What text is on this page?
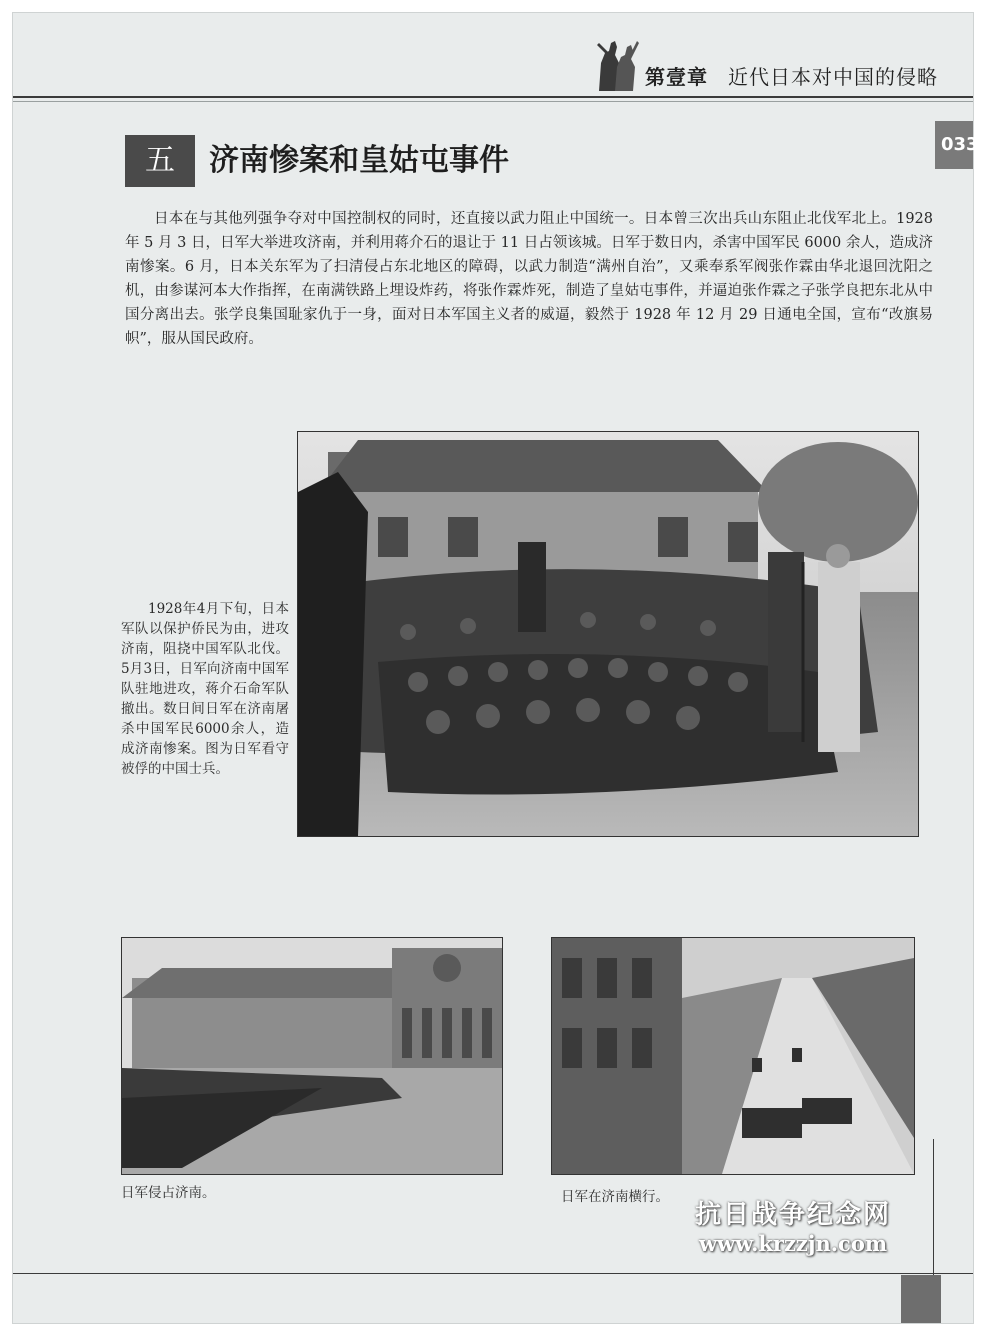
第壹章 近代日本对中国的侵略
033
五	济南惨案和皇姑屯事件
日本在与其他列强争夺对中国控制权的同时，还直接以武力阻止中国统一。日本曾三次出兵山东阻止北伐军北上。1928 年 5 月 3 日，日军大举进攻济南，并利用蒋介石的退让于 11 日占领该城。日军于数日内，杀害中国军民 6000 余人，造成济南惨案。6 月，日本关东军为了扫清侵占东北地区的障碍，以武力制造“满州自治”，又乘奉系军阀张作霖由华北退回沈阳之机，由参谋河本大作指挥，在南满铁路上埋设炸药，将张作霖炸死，制造了皇姑屯事件，并逼迫张作霖之子张学良把东北从中国分离出去。张学良集国耻家仇于一身，面对日本军国主义者的威逼，毅然于 1928 年 12 月 29 日通电全国，宣布“改旗易帜”，服从国民政府。
1928年4月下旬，日本军队以保护侨民为由，进攻济南，阻挠中国军队北伐。5月3日，日军向济南中国军队驻地进攻，蒋介石命军队撤出。数日间日军在济南屠杀中国军民6000余人，造成济南惨案。图为日军看守被俘的中国士兵。
日军侵占济南。	日军在济南横行。
抗日战争纪念网
www.krzzjn.com
